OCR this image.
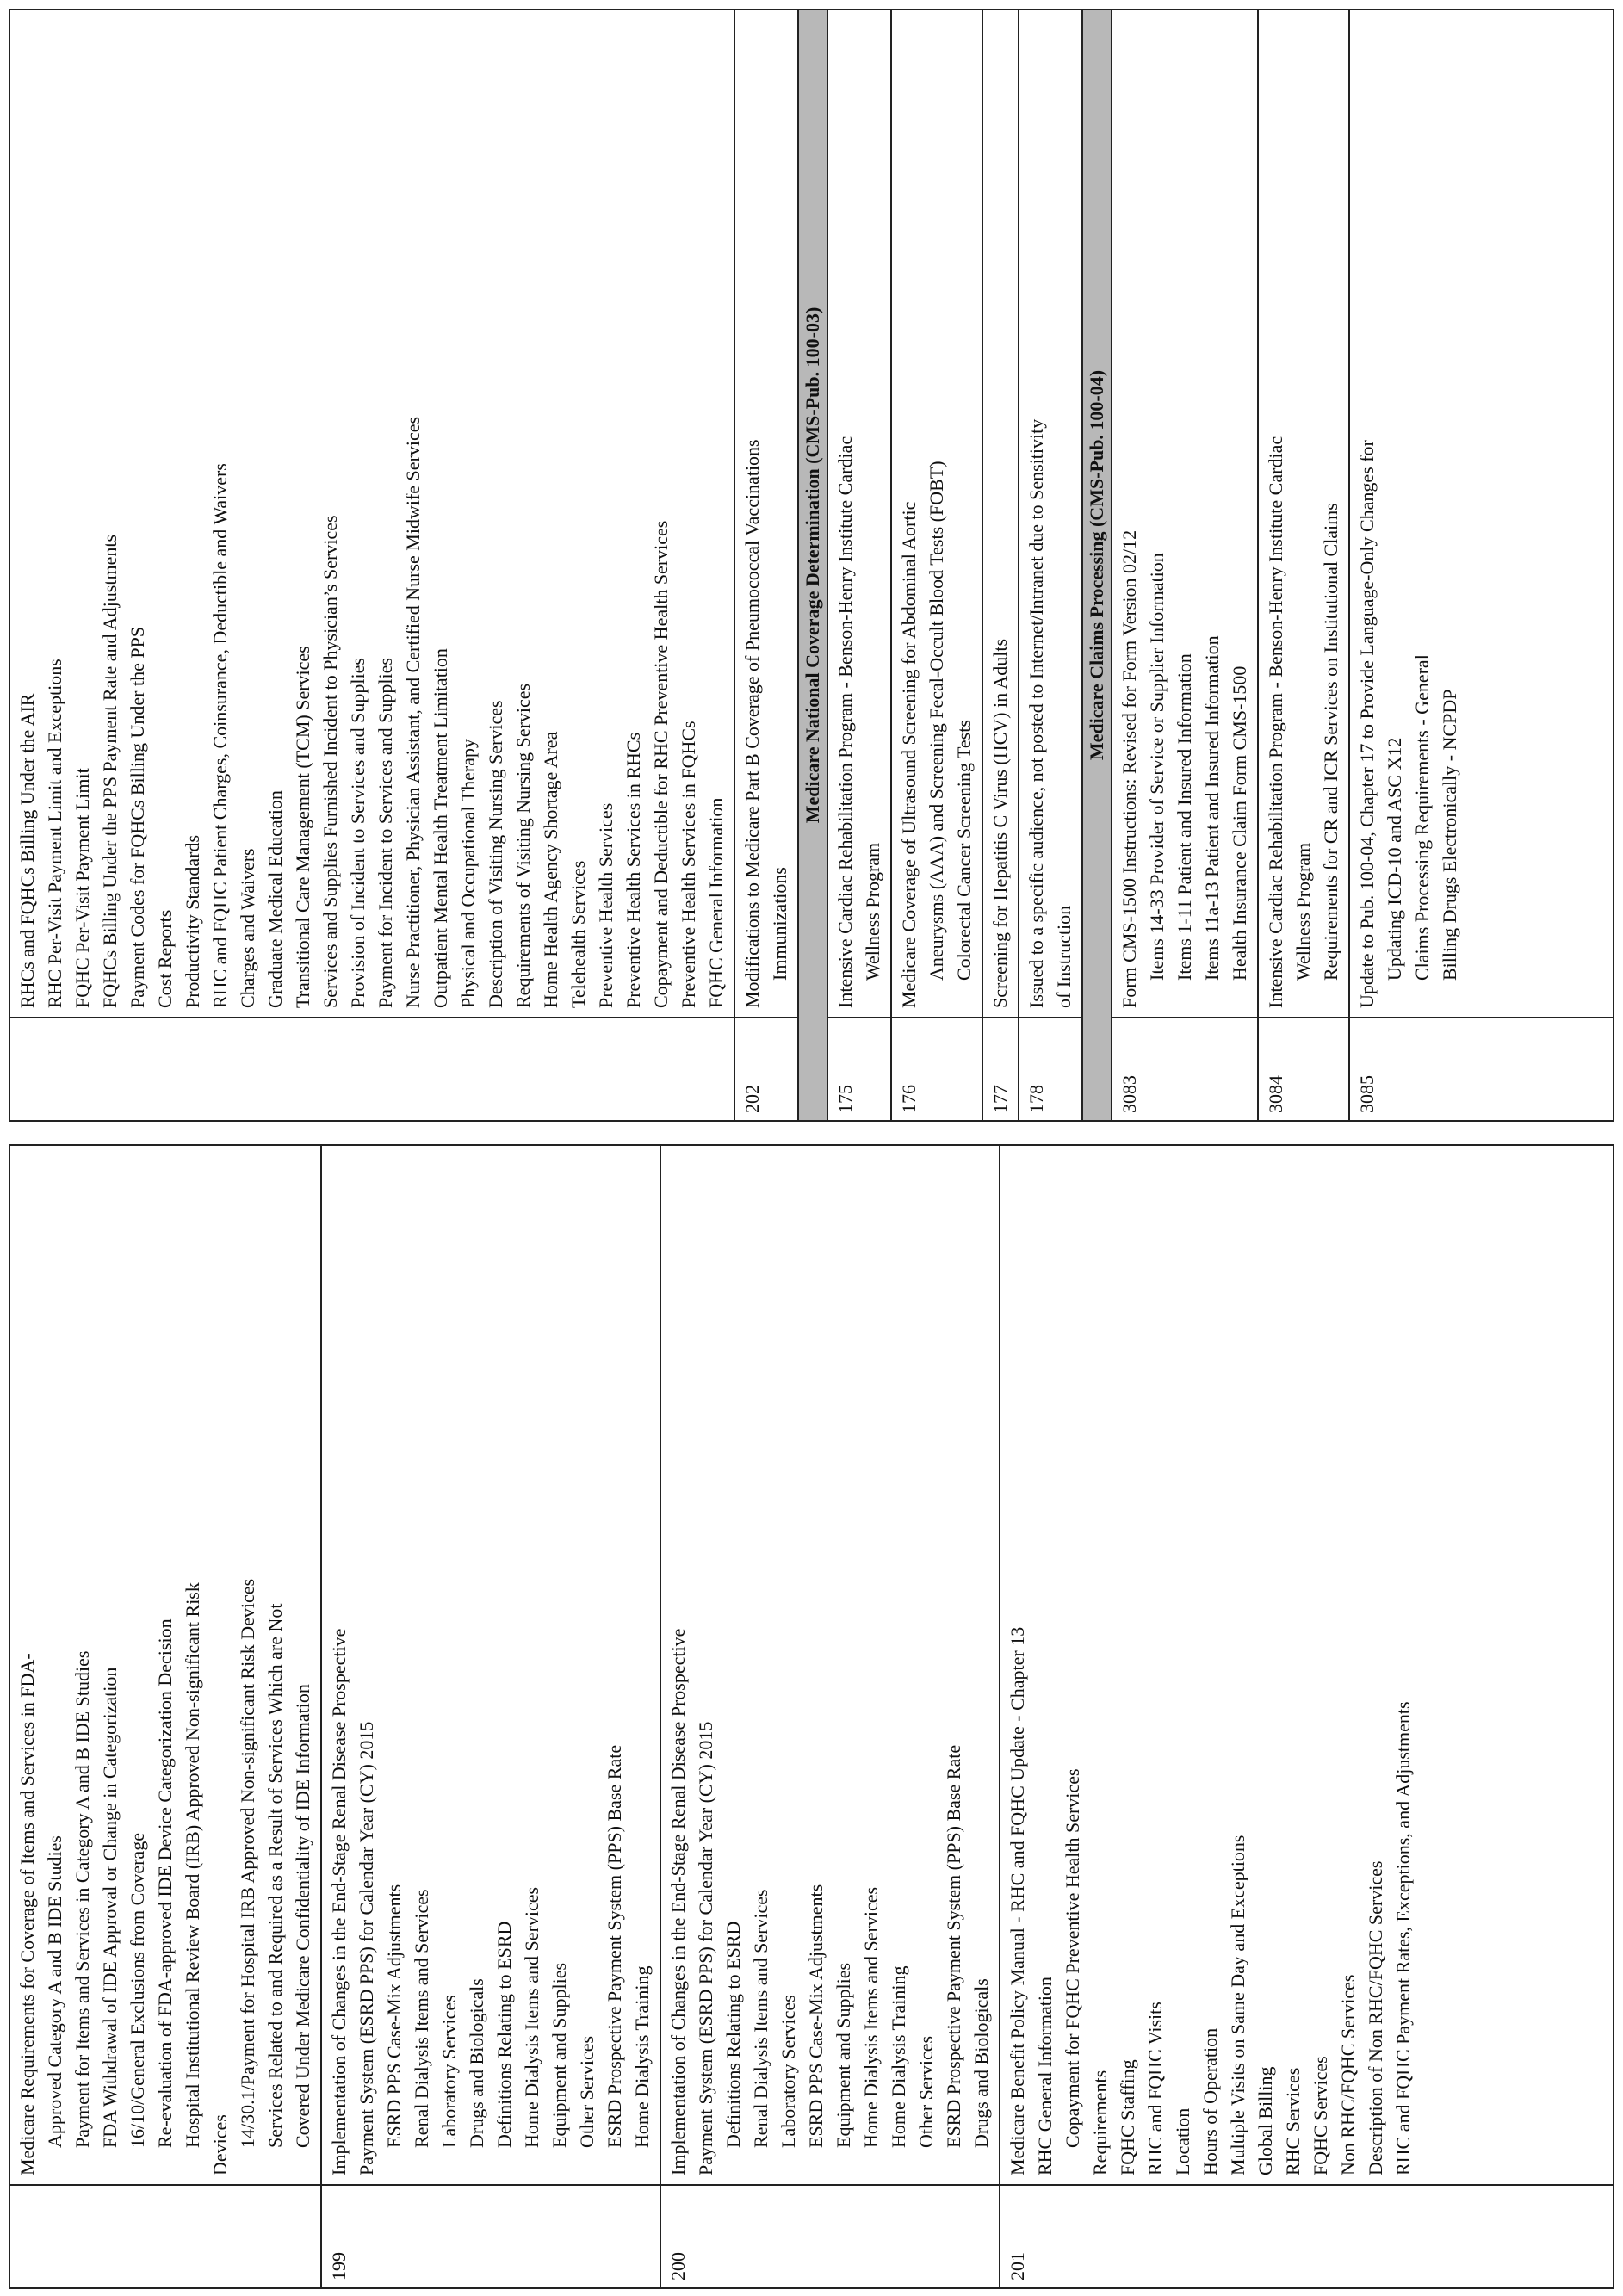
Medicare Requirements for Coverage of Items and Services in FDA- Approved Category A and B IDE Studies Payment for Items and Services in Category A and B IDE Studies FDA Withdrawal of IDE Approval or Change in Categorization 16/10/General Exclusions from Coverage Re-evaluation of FDA-approved IDE Device Categorization Decision Hospital Institutional Review Board (IRB) Approved Non-significant Risk Devices 14/30.1/Payment for Hospital IRB Approved Non-significant Risk Devices Services Related to and Required as a Result of Services Which are Not Covered Under Medicare Confidentiality of IDE Information
199
Implementation of Changes in the End-Stage Renal Disease Prospective Payment System (ESRD PPS) for Calendar Year (CY) 2015 ESRD PPS Case-Mix Adjustments Renal Dialysis Items and Services Laboratory Services Drugs and Biologicals Definitions Relating to ESRD Home Dialysis Items and Services Equipment and Supplies Other Services ESRD Prospective Payment System (PPS) Base Rate Home Dialysis Training
200
Implementation of Changes in the End-Stage Renal Disease Prospective Payment System (ESRD PPS) for Calendar Year (CY) 2015 Definitions Relating to ESRD Renal Dialysis Items and Services Laboratory Services ESRD PPS Case-Mix Adjustments Equipment and Supplies Home Dialysis Items and Services Home Dialysis Training Other Services ESRD Prospective Payment System (PPS) Base Rate Drugs and Biologicals
201
Medicare Benefit Policy Manual - RHC and FQHC Update - Chapter 13 RHC General Information Copayment for FQHC Preventive Health Services Requirements FQHC Staffing RHC and FQHC Visits Location Hours of Operation Multiple Visits on Same Day and Exceptions Global Billing RHC Services FQHC Services Non RHC/FQHC Services Description of Non RHC/FQHC Services RHC and FQHC Payment Rates, Exceptions, and Adjustments
RHCs and FQHCs Billing Under the AIR RHC Per-Visit Payment Limit and Exceptions FQHC Per-Visit Payment Limit FQHCs Billing Under the PPS Payment Rate and Adjustments Payment Codes for FQHCs Billing Under the PPS Cost Reports Productivity Standards RHC and FQHC Patient Charges, Coinsurance, Deductible and Waivers Charges and Waivers Graduate Medical Education Transitional Care Management (TCM) Services Services and Supplies Furnished Incident to Physician’s Services Provision of Incident to Services and Supplies Payment for Incident to Services and Supplies Nurse Practitioner, Physician Assistant, and Certified Nurse Midwife Services Outpatient Mental Health Treatment Limitation Physical and Occupational Therapy Description of Visiting Nursing Services Requirements of Visiting Nursing Services Home Health Agency Shortage Area Telehealth Services Preventive Health Services Preventive Health Services in RHCs Copayment and Deductible for RHC Preventive Health Services Preventive Health Services in FQHCs FQHC General Information
202
Modifications to Medicare Part B Coverage of Pneumococcal Vaccinations Immunizations
Medicare National Coverage Determination (CMS-Pub. 100-03)
175
Intensive Cardiac Rehabilitation Program - Benson-Henry Institute Cardiac Wellness Program
176
Medicare Coverage of Ultrasound Screening for Abdominal Aortic Aneurysms (AAA) and Screening Fecal-Occult Blood Tests (FOBT) Colorectal Cancer Screening Tests
177
Screening for Hepatitis C Virus (HCV) in Adults
178
Issued to a specific audience, not posted to Internet/Intranet due to Sensitivity of Instruction
Medicare Claims Processing (CMS-Pub. 100-04)
3083
Form CMS-1500 Instructions: Revised for Form Version 02/12 Items 14-33 Provider of Service or Supplier Information Items 1-11 Patient and Insured Information Items 11a-13 Patient and Insured Information Health Insurance Claim Form CMS-1500
3084
Intensive Cardiac Rehabilitation Program - Benson-Henry Institute Cardiac Wellness Program Requirements for CR and ICR Services on Institutional Claims
3085
Update to Pub. 100-04, Chapter 17 to Provide Language-Only Changes for Updating ICD-10 and ASC X12 Claims Processing Requirements - General Billing Drugs Electronically - NCPDP
